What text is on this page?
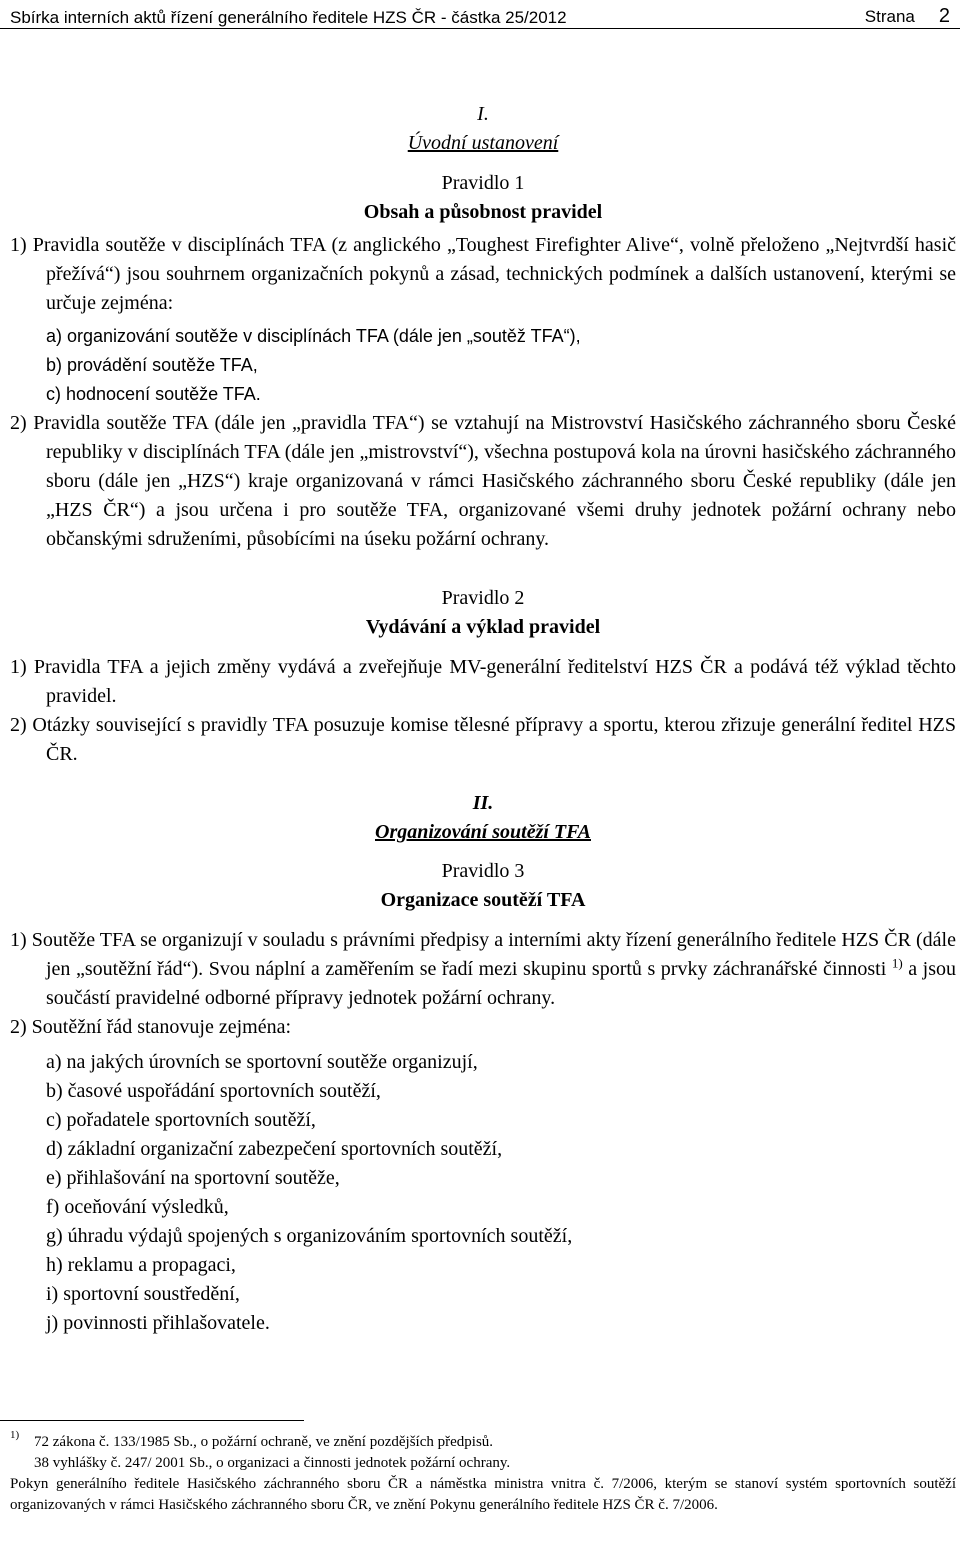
Sbírka interních aktů řízení generálního ředitele HZS ČR - částka 25/2012	Strana 2

I.

Úvodní ustanovení

Pravidlo 1

Obsah a působnost pravidel

1) Pravidla soutěže v disciplínách TFA (z anglického „Toughest Firefighter Alive“, volně přeloženo „Nejtvrdší hasič přežívá“) jsou souhrnem organizačních pokynů a zásad, technických podmínek a dalších ustanovení, kterými se určuje zejména:

a) organizování soutěže v disciplínách TFA (dále jen „soutěž TFA“),
b) provádění soutěže TFA,
c) hodnocení soutěže TFA.

2) Pravidla soutěže TFA (dále jen „pravidla TFA“) se vztahují na Mistrovství Hasičského záchranného sboru České republiky v disciplínách TFA (dále jen „mistrovství“), všechna postupová kola na úrovni hasičského záchranného sboru (dále jen „HZS“) kraje organizovaná v rámci Hasičského záchranného sboru České republiky (dále jen „HZS ČR“) a jsou určena i pro soutěže TFA, organizované všemi druhy jednotek požární ochrany nebo občanskými sdruženími, působícími na úseku požární ochrany.

Pravidlo 2

Vydávání a výklad pravidel

1) Pravidla TFA a jejich změny vydává a zveřejňuje MV-generální ředitelství HZS ČR a podává též výklad těchto pravidel.

2) Otázky související s pravidly TFA posuzuje komise tělesné přípravy a sportu, kterou zřizuje generální ředitel HZS ČR.

II.

Organizování soutěží TFA

Pravidlo 3

Organizace soutěží TFA

1) Soutěže TFA se organizují v souladu s právními předpisy a interními akty řízení generálního ředitele HZS ČR (dále jen „soutěžní řád“). Svou náplní a zaměřením se řadí mezi skupinu sportů s prvky záchranářské činnosti $^{1)}$ a jsou součástí pravidelné odborné přípravy jednotek požární ochrany.

2) Soutěžní řád stanovuje zejména:

a) na jakých úrovních se sportovní soutěže organizují,
b) časové uspořádání sportovních soutěží,
c) pořadatele sportovních soutěží,
d) základní organizační zabezpečení sportovních soutěží,
e) přihlašování na sportovní soutěže,
f) oceňování výsledků,
g) úhradu výdajů spojených s organizováním sportovních soutěží,
h) reklamu a propagaci,
i) sportovní soustředění,
j) povinnosti přihlašovatele.
1) 72 zákona č. 133/1985 Sb., o požární ochraně, ve znění pozdějších předpisů.
38 vyhlášky č. 247/ 2001 Sb., o organizaci a činnosti jednotek požární ochrany.
Pokyn generálního ředitele Hasičského záchranného sboru ČR a náměstka ministra vnitra č. 7/2006, kterým se stanoví systém sportovních soutěží organizovaných v rámci Hasičského záchranného sboru ČR, ve znění Pokynu generálního ředitele HZS ČR č. 7/2006.
